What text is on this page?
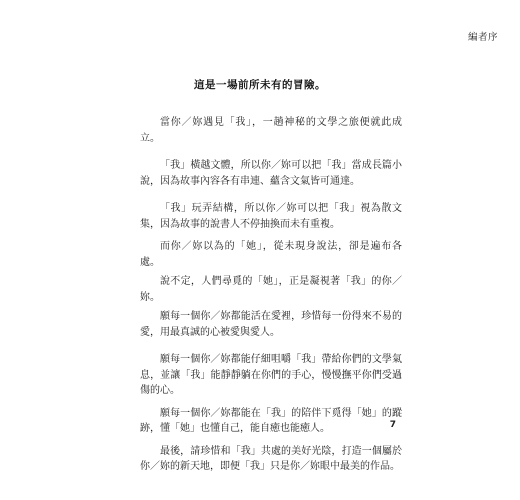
編者序
這是一場前所未有的冒險。

當你／妳遇見「我」，一趟神秘的文學之旅便就此成立。

「我」橫越文體，所以你／妳可以把「我」當成長篇小說，因為故事內容各有串連、蘊含文氣皆可通達。

「我」玩弄結構，所以你／妳可以把「我」視為散文集，因為故事的說書人不停抽換而未有重複。

而你／妳以為的「她」，從未現身說法，卻是遍布各處。

說不定，人們尋覓的「她」，正是凝視著「我」的你／妳。

願每一個你／妳都能活在愛裡，珍惜每一份得來不易的愛，用最真誠的心被愛與愛人。

願每一個你／妳都能仔細咀嚼「我」帶給你們的文學氣息，並讓「我」能靜靜躺在你們的手心，慢慢撫平你們受過傷的心。

願每一個你／妳都能在「我」的陪伴下覓得「她」的蹤跡，懂「她」也懂自己，能自癒也能癒人。

最後，請珍惜和「我」共處的美好光陰，打造一個屬於你／妳的新天地，即便「我」只是你／妳眼中最美的作品。

7
